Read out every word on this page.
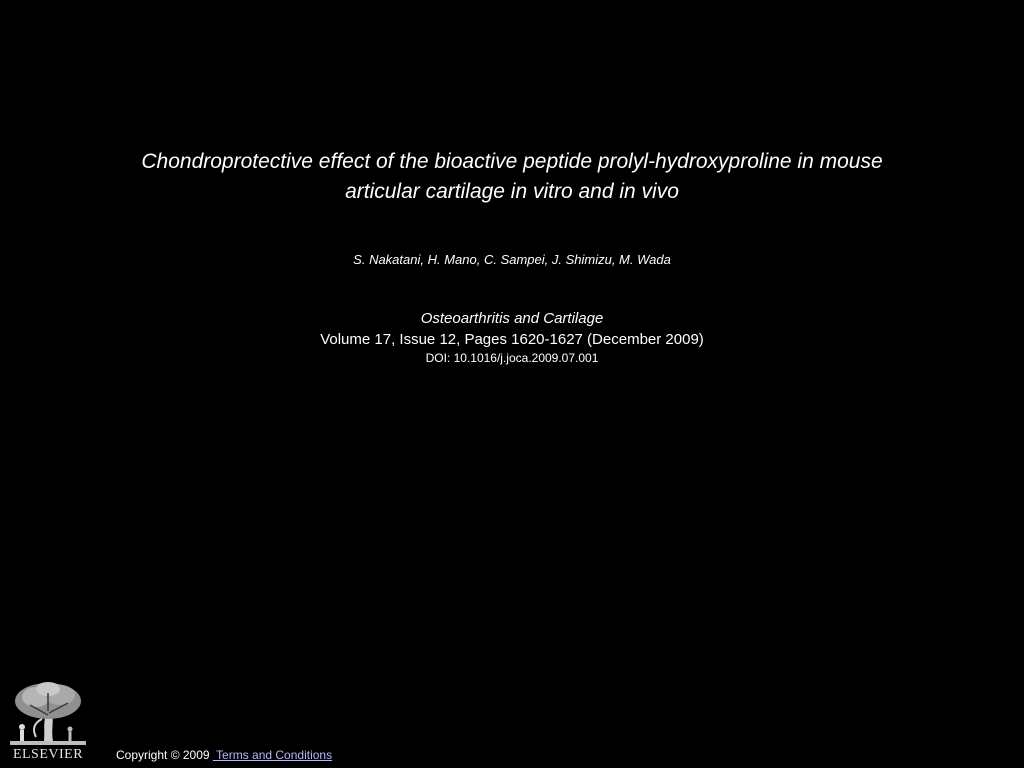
Chondroprotective effect of the bioactive peptide prolyl-hydroxyproline in mouse
articular cartilage in vitro and in vivo
S. Nakatani, H. Mano, C. Sampei, J. Shimizu, M. Wada
Osteoarthritis and Cartilage
Volume 17, Issue 12, Pages 1620-1627 (December 2009)
DOI: 10.1016/j.joca.2009.07.001
ELSEVIER	Copyright © 2009  Terms and Conditions
